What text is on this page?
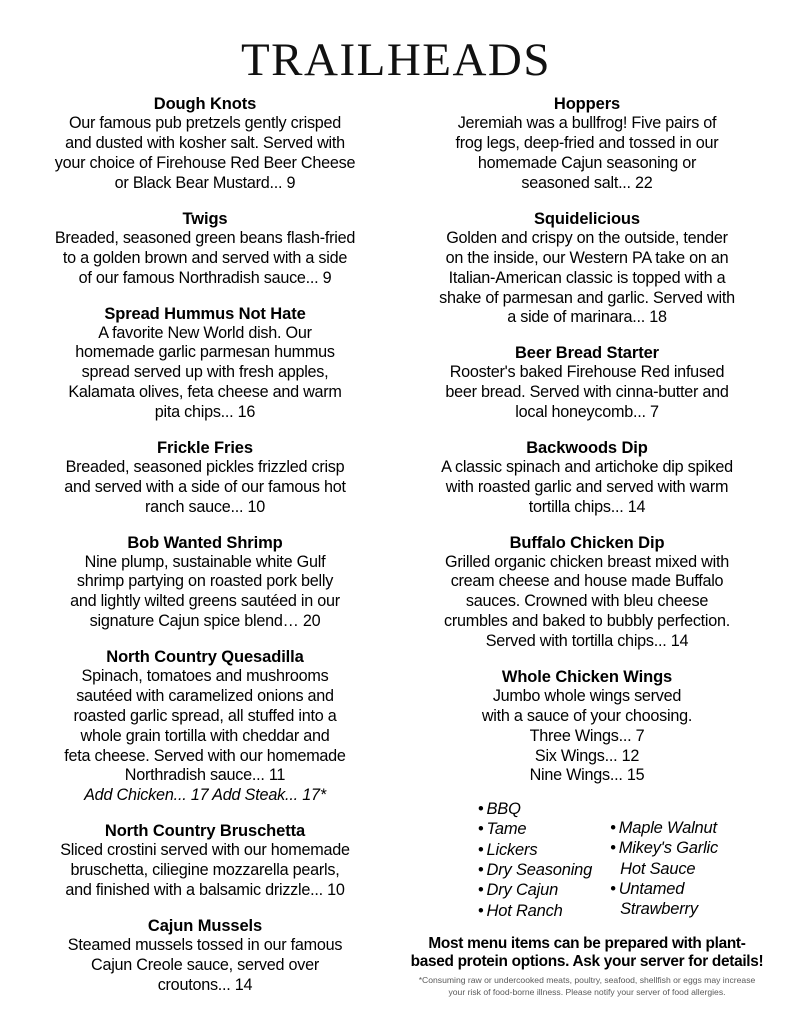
TRAILHEADS
Dough Knots
Our famous pub pretzels gently crisped
and dusted with kosher salt. Served with
your choice of Firehouse Red Beer Cheese
or Black Bear Mustard... 9
Twigs
Breaded, seasoned green beans flash-fried
to a golden brown and served with a side
of our famous Northradish sauce... 9
Spread Hummus Not Hate
A favorite New World dish. Our
homemade garlic parmesan hummus
spread served up with fresh apples,
Kalamata olives, feta cheese and warm
pita chips... 16
Frickle Fries
Breaded, seasoned pickles frizzled crisp
and served with a side of our famous hot
ranch sauce... 10
Bob Wanted Shrimp
Nine plump, sustainable white Gulf
shrimp partying on roasted pork belly
and lightly wilted greens sautéed in our
signature Cajun spice blend… 20
North Country Quesadilla
Spinach, tomatoes and mushrooms
sautéed with caramelized onions and
roasted garlic spread, all stuffed into a
whole grain tortilla with cheddar and
feta cheese. Served with our homemade
Northradish sauce... 11
Add Chicken... 17 Add Steak... 17*
North Country Bruschetta
Sliced crostini served with our homemade
bruschetta, ciliegine mozzarella pearls,
and finished with a balsamic drizzle... 10
Cajun Mussels
Steamed mussels tossed in our famous
Cajun Creole sauce, served over
croutons... 14
Hoppers
Jeremiah was a bullfrog! Five pairs of
frog legs, deep-fried and tossed in our
homemade Cajun seasoning or
seasoned salt... 22
Squidelicious
Golden and crispy on the outside, tender
on the inside, our Western PA take on an
Italian-American classic is topped with a
shake of parmesan and garlic. Served with
a side of marinara... 18
Beer Bread Starter
Rooster's baked Firehouse Red infused
beer bread. Served with cinna-butter and
local honeycomb... 7
Backwoods Dip
A classic spinach and artichoke dip spiked
with roasted garlic and served with warm
tortilla chips... 14
Buffalo Chicken Dip
Grilled organic chicken breast mixed with
cream cheese and house made Buffalo
sauces. Crowned with bleu cheese
crumbles and baked to bubbly perfection.
Served with tortilla chips... 14
Whole Chicken Wings
Jumbo whole wings served
with a sauce of your choosing.
Three Wings... 7
Six Wings... 12
Nine Wings... 15
• BBQ
• Tame
• Lickers
• Dry Seasoning
• Dry Cajun
• Hot Ranch
• Maple Walnut
• Mikey's Garlic
Hot Sauce
• Untamed
Strawberry
Most menu items can be prepared with plant-
based protein options. Ask your server for details!
*Consuming raw or undercooked meats, poultry, seafood, shellfish or eggs may increase
your risk of food-borne illness. Please notify your server of food allergies.
